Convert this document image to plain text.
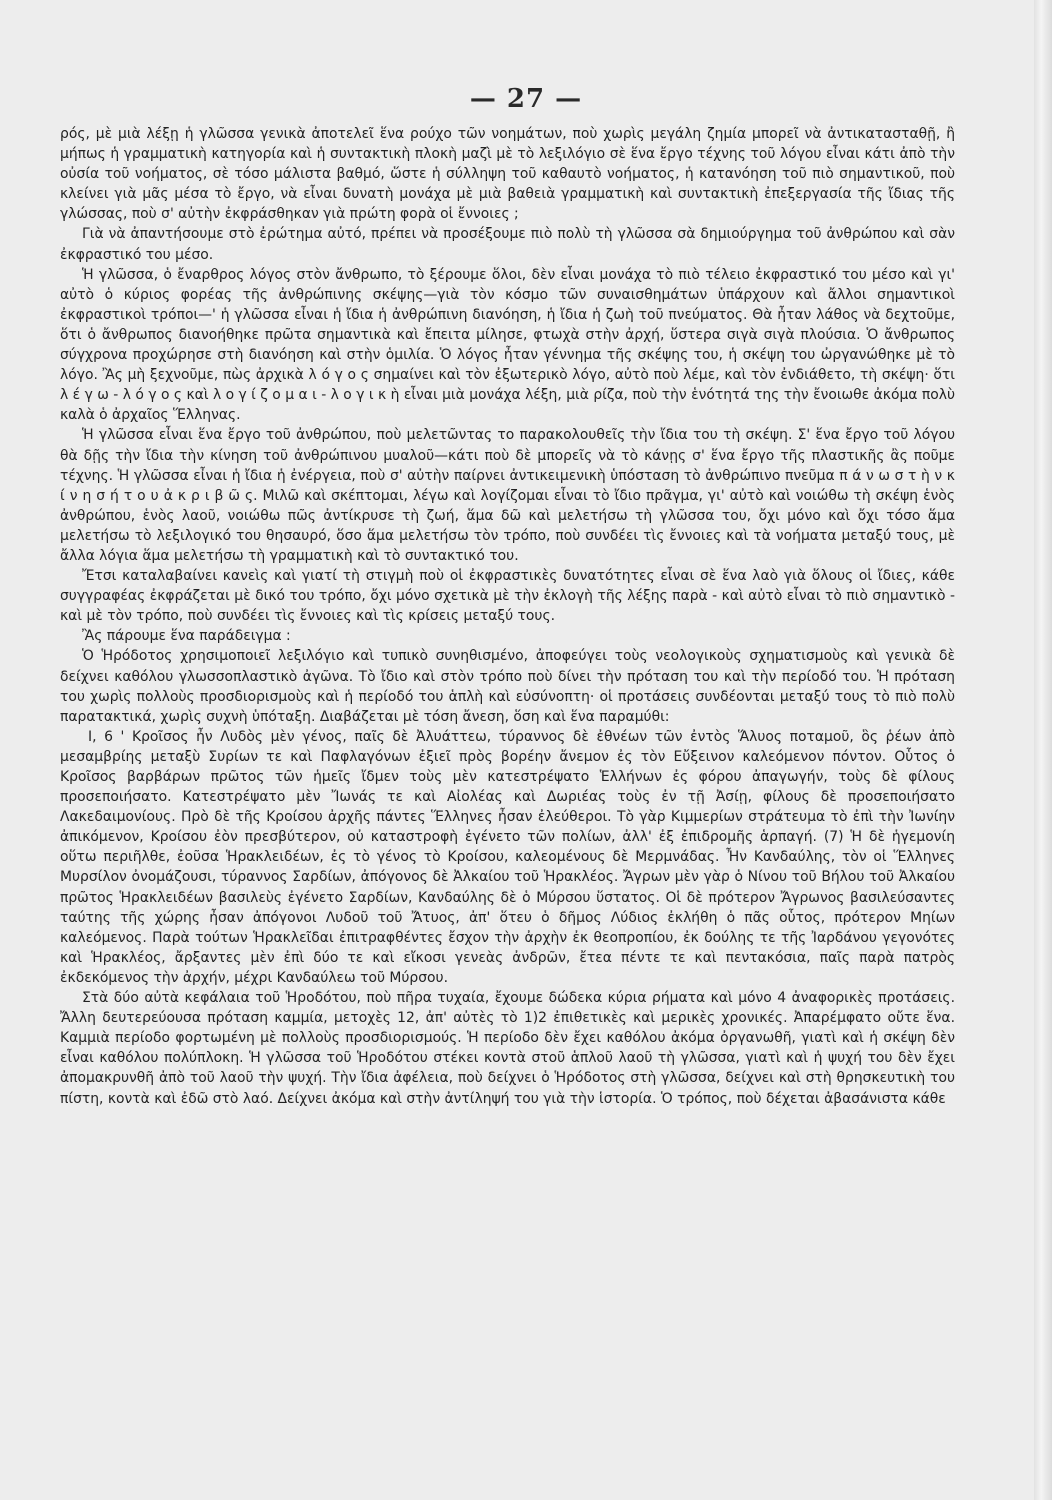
— 27 —

ρός, μὲ μιὰ λέξῃ ἡ γλῶσσα γενικὰ ἀποτελεῖ ἕνα ρούχο τῶν νοημάτων, ποὺ χωρὶς μεγάλη ζημία μπορεῖ νὰ ἀντικατασταθῇ, ἢ μήπως ἡ γραμματικὴ κατηγορία καὶ ἡ συντακτικὴ πλοκὴ μαζὶ μὲ τὸ λεξιλόγιο σὲ ἕνα ἔργο τέχνης τοῦ λόγου εἶναι κάτι ἀπὸ τὴν οὐσία τοῦ νοήματος, σὲ τόσο μάλιστα βαθμό, ὥστε ἡ σύλληψη τοῦ καθαυτὸ νοήματος, ἡ κατανόηση τοῦ πιὸ σημαντικοῦ, ποὺ κλείνει γιὰ μᾶς μέσα τὸ ἔργο, νὰ εἶναι δυνατὴ μονάχα μὲ μιὰ βαθειὰ γραμματικὴ καὶ συντακτικὴ ἐπεξεργασία τῆς ἴδιας τῆς γλώσσας, ποὺ σ' αὐτὴν ἐκφράσθηκαν γιὰ πρώτη φορὰ οἱ ἔννοιες ;

Γιὰ νὰ ἀπαντήσουμε στὸ ἐρώτημα αὐτό, πρέπει νὰ προσέξουμε πιὸ πολὺ τὴ γλῶσσα σὰ δημιούργημα τοῦ ἀνθρώπου καὶ σὰν ἐκφραστικό του μέσο.

Ἡ γλῶσσα, ὁ ἔναρθρος λόγος στὸν ἄνθρωπο, τὸ ξέρουμε ὅλοι, δὲν εἶναι μονάχα τὸ πιὸ τέλειο ἐκφραστικό του μέσο καὶ γι' αὐτὸ ὁ κύριος φορέας τῆς ἀνθρώπινης σκέψης—γιὰ τὸν κόσμο τῶν συναισθημάτων ὑπάρχουν καὶ ἄλλοι σημαντικοὶ ἐκφραστικοὶ τρόποι—' ἡ γλῶσσα εἶναι ἡ ἴδια ἡ ἀνθρώπινη διανόηση, ἡ ἴδια ἡ ζωὴ τοῦ πνεύματος. Θὰ ἦταν λάθος νὰ δεχτοῦμε, ὅτι ὁ ἄνθρωπος διανοήθηκε πρῶτα σημαντικὰ καὶ ἔπειτα μίλησε, φτωχὰ στὴν ἀρχή, ὕστερα σιγὰ σιγὰ πλούσια. Ὁ ἄνθρωπος σύγχρονα προχώρησε στὴ διανόηση καὶ στὴν ὁμιλία. Ὁ λόγος ἦταν γέννημα τῆς σκέψης του, ἡ σκέψη του ὠργανώθηκε μὲ τὸ λόγο. Ἂς μὴ ξεχνοῦμε, πὼς ἀρχικὰ λ ό γ ο ς σημαίνει καὶ τὸν ἐξωτερικὸ λόγο, αὐτὸ ποὺ λέμε, καὶ τὸν ἐνδιάθετο, τὴ σκέψη· ὅτι λ έ γ ω - λ ό γ ο ς καὶ λ ο γ ί ζ ο μ α ι - λ ο γ ι κ ὴ εἶναι μιὰ μονάχα λέξη, μιὰ ρίζα, ποὺ τὴν ἑνότητά της τὴν ἔνοιωθε ἀκόμα πολὺ καλὰ ὁ ἀρχαῖος Ἕλληνας.

Ἡ γλῶσσα εἶναι ἕνα ἔργο τοῦ ἀνθρώπου, ποὺ μελετῶντας το παρακολουθεῖς τὴν ἴδια του τὴ σκέψη. Σ' ἕνα ἔργο τοῦ λόγου θὰ δῇς τὴν ἴδια τὴν κίνηση τοῦ ἀνθρώπινου μυαλοῦ—κάτι ποὺ δὲ μπορεῖς νὰ τὸ κάνῃς σ' ἕνα ἔργο τῆς πλαστικῆς ἂς ποῦμε τέχνης. Ἡ γλῶσσα εἶναι ἡ ἴδια ἡ ἐνέργεια, ποὺ σ' αὐτὴν παίρνει ἀντικειμενικὴ ὑπόσταση τὸ ἀνθρώπινο πνεῦμα π ά ν ω σ τ ὴ ν κ ί ν η σ ή τ ο υ ἀ κ ρ ι β ῶ ς. Μιλῶ καὶ σκέπτομαι, λέγω καὶ λογίζομαι εἶναι τὸ ἴδιο πρᾶγμα, γι' αὐτὸ καὶ νοιώθω τὴ σκέψη ἑνὸς ἀνθρώπου, ἑνὸς λαοῦ, νοιώθω πῶς ἀντίκρυσε τὴ ζωή, ἅμα δῶ καὶ μελετήσω τὴ γλῶσσα του, ὄχι μόνο καὶ ὄχι τόσο ἅμα μελετήσω τὸ λεξιλογικό του θησαυρό, ὅσο ἅμα μελετήσω τὸν τρόπο, ποὺ συνδέει τὶς ἔννοιες καὶ τὰ νοήματα μεταξύ τους, μὲ ἄλλα λόγια ἅμα μελετήσω τὴ γραμματικὴ καὶ τὸ συντακτικό του.

Ἔτσι καταλαβαίνει κανεὶς καὶ γιατί τὴ στιγμὴ ποὺ οἱ ἐκφραστικὲς δυνατότητες εἶναι σὲ ἕνα λαὸ γιὰ ὅλους οἱ ἴδιες, κάθε συγγραφέας ἐκφράζεται μὲ δικό του τρόπο, ὄχι μόνο σχετικὰ μὲ τὴν ἐκλογὴ τῆς λέξης παρὰ - καὶ αὐτὸ εἶναι τὸ πιὸ σημαντικὸ - καὶ μὲ τὸν τρόπο, ποὺ συνδέει τὶς ἔννοιες καὶ τὶς κρίσεις μεταξύ τους.

Ἂς πάρουμε ἕνα παράδειγμα :

Ὁ Ἡρόδοτος χρησιμοποιεῖ λεξιλόγιο καὶ τυπικὸ συνηθισμένο, ἀποφεύγει τοὺς νεολογικοὺς σχηματισμοὺς καὶ γενικὰ δὲ δείχνει καθόλου γλωσσοπλαστικὸ ἀγῶνα. Τὸ ἴδιο καὶ στὸν τρόπο ποὺ δίνει τὴν πρόταση του καὶ τὴν περίοδό του. Ἡ πρόταση του χωρὶς πολλοὺς προσδιορισμοὺς καὶ ἡ περίοδό του ἁπλὴ καὶ εὐσύνοπτη· οἱ προτάσεις συνδέονται μεταξύ τους τὸ πιὸ πολὺ παρατακτικά, χωρὶς συχνὴ ὑπόταξη. Διαβάζεται μὲ τόση ἄνεση, ὅση καὶ ἕνα παραμύθι:

Ι, 6 ' Κροῖσος ἦν Λυδὸς μὲν γένος, παῖς δὲ Ἀλυάττεω, τύραννος δὲ ἐθνέων τῶν ἐντὸς Ἅλυος ποταμοῦ, ὃς ῥέων ἀπὸ μεσαμβρίης μεταξὺ Συρίων τε καὶ Παφλαγόνων ἐξιεῖ πρὸς βορέην ἄνεμον ἐς τὸν Εὔξεινον καλεόμενον πόντον. Οὗτος ὁ Κροῖσος βαρβάρων πρῶτος τῶν ἡμεῖς ἴδμεν τοὺς μὲν κατεστρέψατο Ἑλλήνων ἐς φόρου ἀπαγωγήν, τοὺς δὲ φίλους προσεποιήσατο. Κατεστρέψατο μὲν Ἴωνάς τε καὶ Αἰολέας καὶ Δωριέας τοὺς ἐν τῇ Ἀσίῃ, φίλους δὲ προσεποιήσατο Λακεδαιμονίους. Πρὸ δὲ τῆς Κροίσου ἀρχῆς πάντες Ἕλληνες ἦσαν ἐλεύθεροι. Τὸ γὰρ Κιμμερίων στράτευμα τὸ ἐπὶ τὴν Ἰωνίην ἀπικόμενον, Κροίσου ἐὸν πρεσβύτερον, οὐ καταστροφὴ ἐγένετο τῶν πολίων, ἀλλ' ἐξ ἐπιδρομῆς ἁρπαγή. (7) Ἡ δὲ ἡγεμονίη οὕτω περιῆλθε, ἐοῦσα Ἡρακλειδέων, ἐς τὸ γένος τὸ Κροίσου, καλεομένους δὲ Μερμνάδας. Ἦν Κανδαύλης, τὸν οἱ Ἕλληνες Μυρσίλον ὀνομάζουσι, τύραννος Σαρδίων, ἀπόγονος δὲ Ἀλκαίου τοῦ Ἡρακλέος. Ἄγρων μὲν γὰρ ὁ Νίνου τοῦ Βήλου τοῦ Ἀλκαίου πρῶτος Ἡρακλειδέων βασιλεὺς ἐγένετο Σαρδίων, Κανδαύλης δὲ ὁ Μύρσου ὕστατος. Οἱ δὲ πρότερον Ἄγρωνος βασιλεύσαντες ταύτης τῆς χώρης ἦσαν ἀπόγονοι Λυδοῦ τοῦ Ἄτυος, ἀπ' ὅτευ ὁ δῆμος Λύδιος ἐκλήθη ὁ πᾶς οὗτος, πρότερον Μηίων καλεόμενος. Παρὰ τούτων Ἡρακλεῖδαι ἐπιτραφθέντες ἔσχον τὴν ἀρχὴν ἐκ θεοπροπίου, ἐκ δούλης τε τῆς Ἰαρδάνου γεγονότες καὶ Ἡρακλέος, ἄρξαντες μὲν ἐπὶ δύο τε καὶ εἴκοσι γενεὰς ἀνδρῶν, ἔτεα πέντε τε καὶ πεντακόσια, παῖς παρὰ πατρὸς ἐκδεκόμενος τὴν ἀρχήν, μέχρι Κανδαύλεω τοῦ Μύρσου.

Στὰ δύο αὐτὰ κεφάλαια τοῦ Ἡροδότου, ποὺ πῆρα τυχαία, ἔχουμε δώδεκα κύρια ρήματα καὶ μόνο 4 ἀναφορικὲς προτάσεις. Ἄλλη δευτερεύουσα πρόταση καμμία, μετοχὲς 12, ἀπ' αὐτὲς τὸ 1)2 ἐπιθετικὲς καὶ μερικὲς χρονικές. Ἀπαρέμφατο οὔτε ἕνα. Καμμιὰ περίοδο φορτωμένη μὲ πολλοὺς προσδιορισμούς. Ἡ περίοδο δὲν ἔχει καθόλου ἀκόμα ὀργανωθῆ, γιατὶ καὶ ἡ σκέψη δὲν εἶναι καθόλου πολύπλοκη. Ἡ γλῶσσα τοῦ Ἡροδότου στέκει κοντὰ στοῦ ἁπλοῦ λαοῦ τὴ γλῶσσα, γιατὶ καὶ ἡ ψυχή του δὲν ἔχει ἀπομακρυνθῆ ἀπὸ τοῦ λαοῦ τὴν ψυχή. Τὴν ἴδια ἀφέλεια, ποὺ δείχνει ὁ Ἡρόδοτος στὴ γλῶσσα, δείχνει καὶ στὴ θρησκευτικὴ του πίστη, κοντὰ καὶ ἐδῶ στὸ λαό. Δείχνει ἀκόμα καὶ στὴν ἀντίληψή του γιὰ τὴν ἱστορία. Ὁ τρόπος, ποὺ δέχεται ἀβασάνιστα κάθε
